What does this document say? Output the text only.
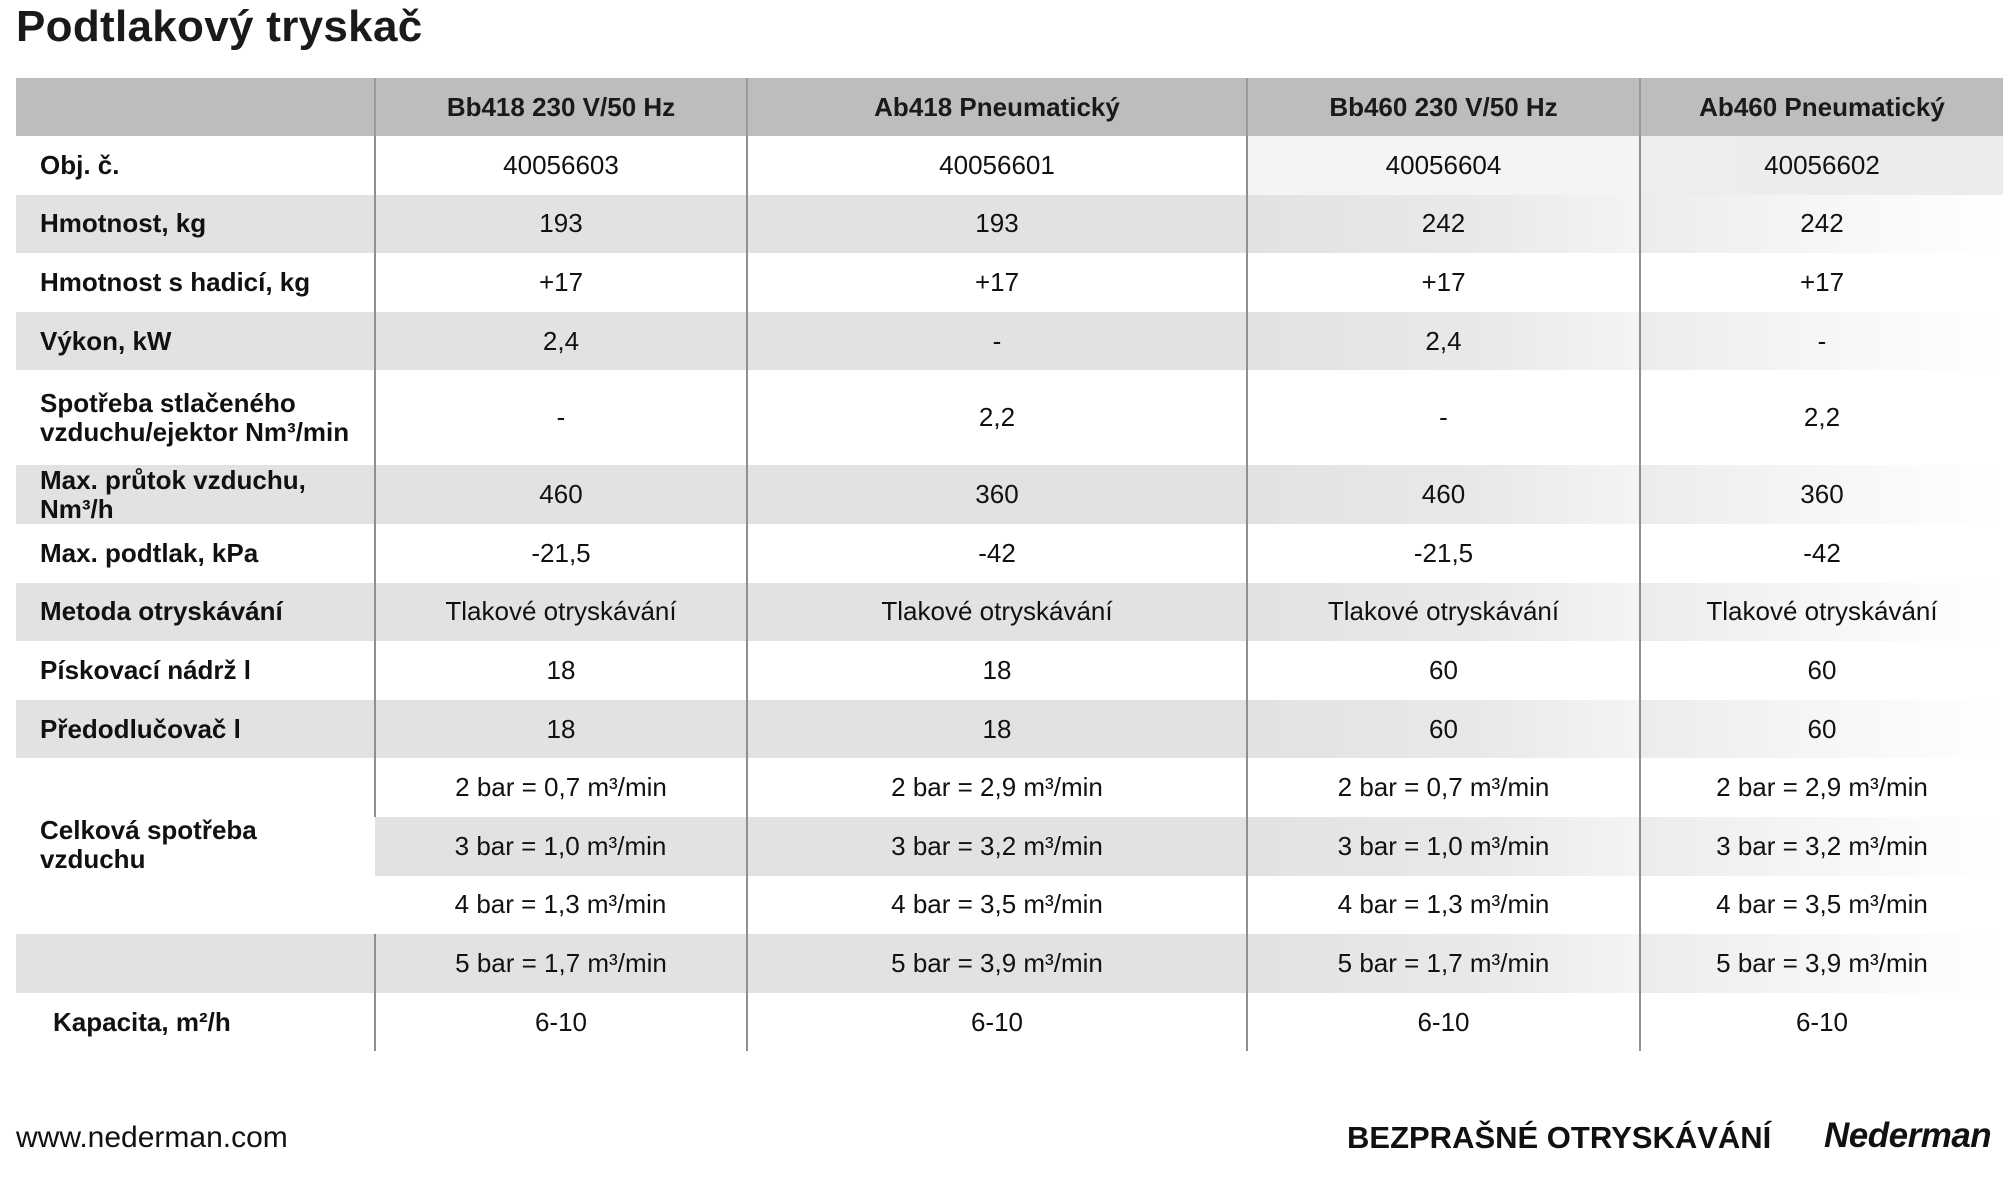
Podtlakový tryskač
	Bb418 230 V/50 Hz	Ab418 Pneumatický	Bb460 230 V/50 Hz	Ab460 Pneumatický
Obj. č.	40056603	40056601	40056604	40056602
Hmotnost, kg	193	193	242	242
Hmotnost s hadicí, kg	+17	+17	+17	+17
Výkon, kW	2,4	-	2,4	-
Spotřeba stlačeného
vzduchu/ejektor Nm³/min	-	2,2	-	2,2
Max. průtok vzduchu,
Nm³/h	460	360	460	360
Max. podtlak, kPa	-21,5	-42	-21,5	-42
Metoda otryskávání	Tlakové otryskávání	Tlakové otryskávání	Tlakové otryskávání	Tlakové otryskávání
Pískovací nádrž l	18	18	60	60
Předodlučovač l	18	18	60	60
Celková spotřeba
vzduchu	2 bar = 0,7 m³/min	2 bar = 2,9 m³/min	2 bar = 0,7 m³/min	2 bar = 2,9 m³/min
	3 bar = 1,0 m³/min	3 bar = 3,2 m³/min	3 bar = 1,0 m³/min	3 bar = 3,2 m³/min
	4 bar = 1,3 m³/min	4 bar = 3,5 m³/min	4 bar = 1,3 m³/min	4 bar = 3,5 m³/min
	5 bar = 1,7 m³/min	5 bar = 3,9 m³/min	5 bar = 1,7 m³/min	5 bar = 3,9 m³/min
Kapacita, m²/h	6-10	6-10	6-10	6-10
www.nederman.com	BEZPRAŠNÉ OTRYSKÁVÁNÍ Nederman
